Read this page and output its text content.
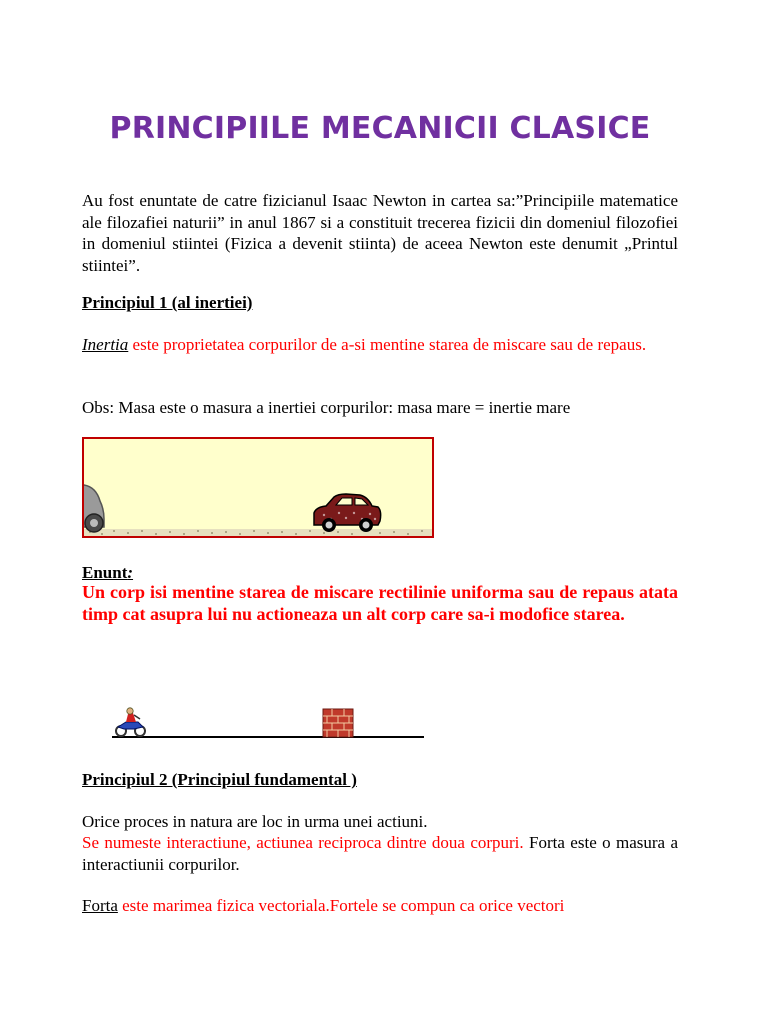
PRINCIPIILE MECANICII CLASICE

Au fost enuntate de catre fizicianul Isaac Newton in cartea sa:”Principiile matematice ale filozafiei naturii” in anul 1867 si a constituit trecerea fizicii din domeniul filozofiei in domeniul stiintei (Fizica a devenit stiinta) de aceea Newton este denumit „Printul stiintei”.

Principiul 1 (al inertiei)

Inertia este proprietatea corpurilor de a-si mentine starea de miscare sau de repaus.

Obs: Masa este o masura a inertiei corpurilor: masa mare = inertie mare

Enunt:

Un corp isi mentine starea de miscare rectilinie uniforma sau de repaus atata timp cat asupra lui nu actioneaza un alt corp care sa-i modofice starea.

Principiul 2 (Principiul fundamental )

Orice proces in natura are loc in urma unei actiuni.

Se numeste interactiune, actiunea reciproca dintre doua corpuri. Forta este o masura a interactiunii corpurilor.

Forta este marimea fizica vectoriala.Fortele se compun ca orice vectori
